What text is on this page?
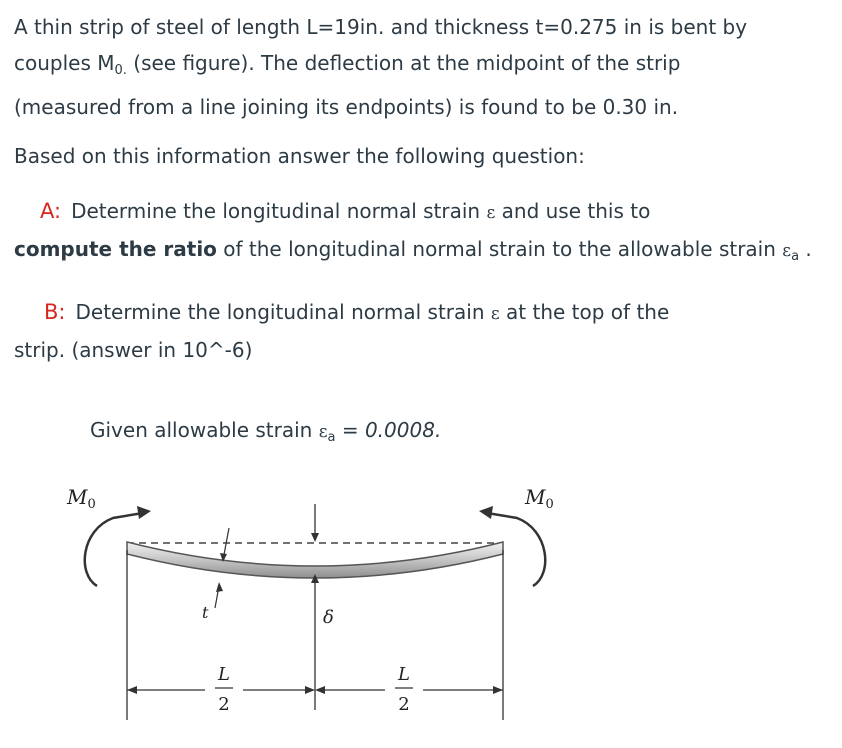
A thin strip of steel of length L=19in. and thickness t=0.275 in is bent by
couples $M_{0.}$ (see figure). The deflection at the midpoint of the strip
(measured from a line joining its endpoints) is found to be 0.30 in.

Based on this information answer the following question:

A: Determine the longitudinal normal strain ε and use this to
compute the ratio of the longitudinal normal strain to the allowable strain $\varepsilon_a$ .

B: Determine the longitudinal normal strain ε at the top of the
strip. (answer in 10^-6)

Given allowable strain $\varepsilon_a = 0.0008$.
$M_0$	$M_0$
δ
t
L
2
L
2
